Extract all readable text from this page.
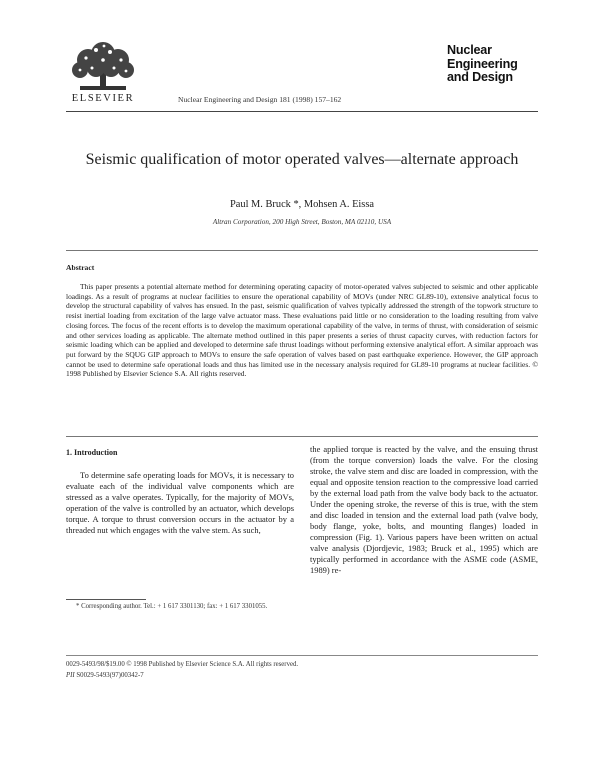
ELSEVIER	Nuclear Engineering and Design 181 (1998) 157–162
Nuclear
Engineering
and Design
Seismic qualification of motor operated valves—alternate approach
Paul M. Bruck *, Mohsen A. Eissa
Altran Corporation, 200 High Street, Boston, MA 02110, USA
Abstract

This paper presents a potential alternate method for determining operating capacity of motor-operated valves subjected to seismic and other applicable loadings. As a result of programs at nuclear facilities to ensure the operational capability of MOVs (under NRC GL89-10), extensive analytical focus to develop the structural capability of valves has ensued. In the past, seismic qualification of valves typically addressed the strength of the topwork structure to resist inertial loading from excitation of the large valve actuator mass. These evaluations paid little or no consideration to the loading resulting from valve closing forces. The focus of the recent efforts is to develop the maximum operational capability of the valve, in terms of thrust, with consideration of seismic and other services loading as applicable. The alternate method outlined in this paper presents a series of thrust capacity curves, with reduction factors for seismic loading which can be applied and developed to determine safe thrust loadings without performing extensive analytical effort. A similar approach was put forward by the SQUG GIP approach to MOVs to ensure the safe operation of valves based on past earthquake experience. However, the GIP approach cannot be used to determine safe operational loads and thus has limited use in the necessary analysis required for GL89-10 programs at nuclear facilities. © 1998 Published by Elsevier Science S.A. All rights reserved.

1. Introduction

To determine safe operating loads for MOVs, it is necessary to evaluate each of the individual valve components which are stressed as a valve operates. Typically, for the majority of MOVs, operation of the valve is controlled by an actuator, which develops torque. A torque to thrust conversion occurs in the actuator by a threaded nut which engages with the valve stem. As such,

the applied torque is reacted by the valve, and the ensuing thrust (from the torque conversion) loads the valve. For the closing stroke, the valve stem and disc are loaded in compression, with the equal and opposite tension reaction to the compressive load carried by the external load path from the valve body back to the actuator. Under the opening stroke, the reverse of this is true, with the stem and disc loaded in tension and the external load path (valve body, body flange, yoke, bolts, and mounting flanges) loaded in compression (Fig. 1). Various papers have been written on actual valve analysis (Djordjevic, 1983; Bruck et al., 1995) which are typically performed in accordance with the ASME code (ASME, 1989) re-

* Corresponding author. Tel.: + 1 617 3301130; fax: + 1 617 3301055.
0029-5493/98/$19.00 © 1998 Published by Elsevier Science S.A. All rights reserved.
PII S0029-5493(97)00342-7
